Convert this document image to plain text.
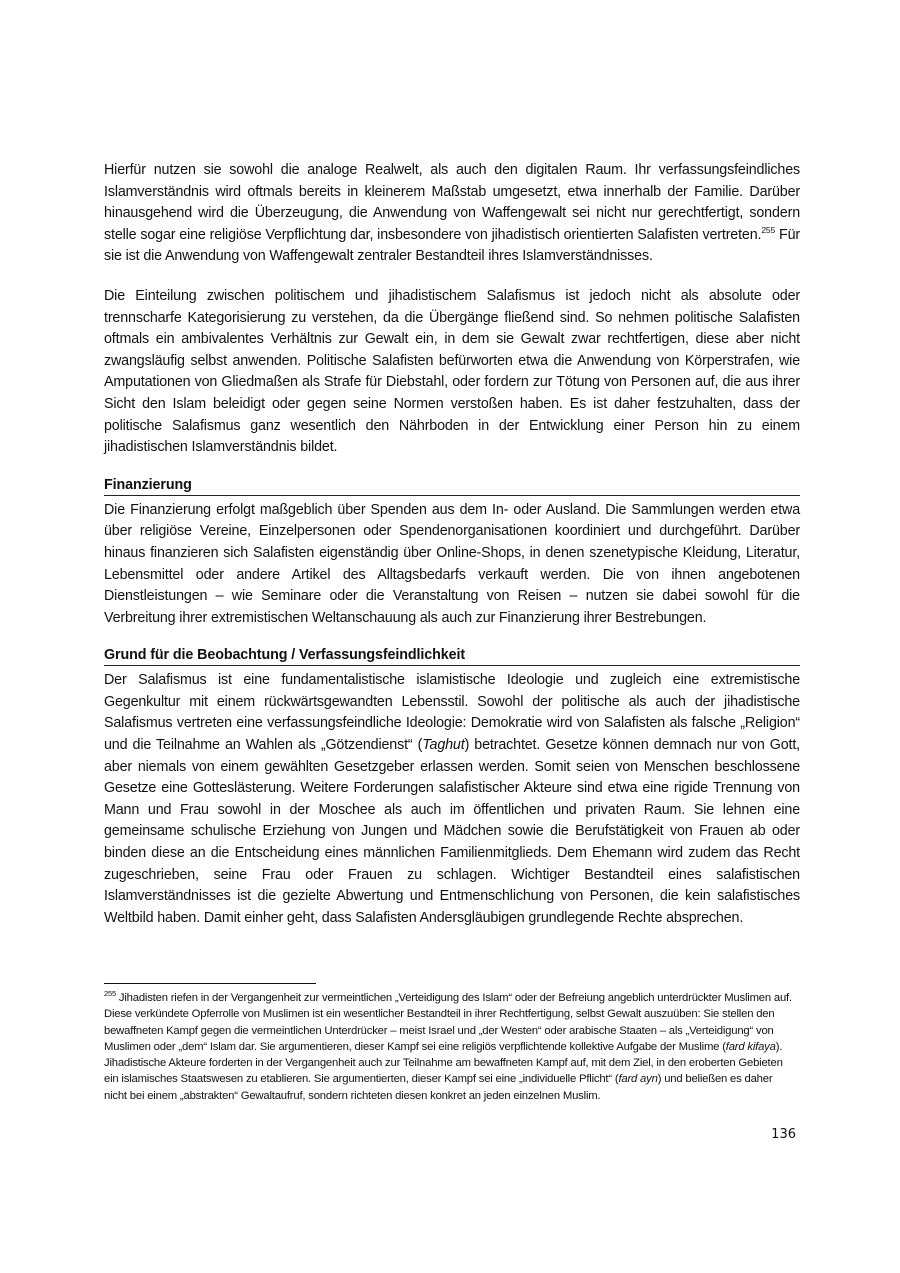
Hierfür nutzen sie sowohl die analoge Realwelt, als auch den digitalen Raum. Ihr verfassungsfeindliches Islamverständnis wird oftmals bereits in kleinerem Maßstab umgesetzt, etwa innerhalb der Familie. Darüber hinausgehend wird die Überzeugung, die Anwendung von Waffengewalt sei nicht nur gerechtfertigt, sondern stelle sogar eine religiöse Verpflichtung dar, insbesondere von jihadistisch orientierten Salafisten vertreten.$^{255}$ Für sie ist die Anwendung von Waffengewalt zentraler Bestandteil ihres Islamverständnisses.

Die Einteilung zwischen politischem und jihadistischem Salafismus ist jedoch nicht als absolute oder trennscharfe Kategorisierung zu verstehen, da die Übergänge fließend sind. So nehmen politische Salafisten oftmals ein ambivalentes Verhältnis zur Gewalt ein, in dem sie Gewalt zwar rechtfertigen, diese aber nicht zwangsläufig selbst anwenden. Politische Salafisten befürworten etwa die Anwendung von Körperstrafen, wie Amputationen von Gliedmaßen als Strafe für Diebstahl, oder fordern zur Tötung von Personen auf, die aus ihrer Sicht den Islam beleidigt oder gegen seine Normen verstoßen haben. Es ist daher festzuhalten, dass der politische Salafismus ganz wesentlich den Nährboden in der Entwicklung einer Person hin zu einem jihadistischen Islamverständnis bildet.

Finanzierung

Die Finanzierung erfolgt maßgeblich über Spenden aus dem In- oder Ausland. Die Sammlungen werden etwa über religiöse Vereine, Einzelpersonen oder Spendenorganisationen koordiniert und durchgeführt. Darüber hinaus finanzieren sich Salafisten eigenständig über Online-Shops, in denen szenetypische Kleidung, Literatur, Lebensmittel oder andere Artikel des Alltagsbedarfs verkauft werden. Die von ihnen angebotenen Dienstleistungen – wie Seminare oder die Veranstaltung von Reisen – nutzen sie dabei sowohl für die Verbreitung ihrer extremistischen Weltanschauung als auch zur Finanzierung ihrer Bestrebungen.

Grund für die Beobachtung / Verfassungsfeindlichkeit

Der Salafismus ist eine fundamentalistische islamistische Ideologie und zugleich eine extremistische Gegenkultur mit einem rückwärtsgewandten Lebensstil. Sowohl der politische als auch der jihadistische Salafismus vertreten eine verfassungsfeindliche Ideologie: Demokratie wird von Salafisten als falsche „Religion“ und die Teilnahme an Wahlen als „Götzendienst“ (Taghut) betrachtet. Gesetze können demnach nur von Gott, aber niemals von einem gewählten Gesetzgeber erlassen werden. Somit seien von Menschen beschlossene Gesetze eine Gotteslästerung. Weitere Forderungen salafistischer Akteure sind etwa eine rigide Trennung von Mann und Frau sowohl in der Moschee als auch im öffentlichen und privaten Raum. Sie lehnen eine gemeinsame schulische Erziehung von Jungen und Mädchen sowie die Berufstätigkeit von Frauen ab oder binden diese an die Entscheidung eines männlichen Familienmitglieds. Dem Ehemann wird zudem das Recht zugeschrieben, seine Frau oder Frauen zu schlagen. Wichtiger Bestandteil eines salafistischen Islamverständnisses ist die gezielte Abwertung und Entmenschlichung von Personen, die kein salafistisches Weltbild haben. Damit einher geht, dass Salafisten Andersgläubigen grundlegende Rechte absprechen.

$^{255}$ Jihadisten riefen in der Vergangenheit zur vermeintlichen „Verteidigung des Islam“ oder der Befreiung angeblich unterdrückter Muslimen auf. Diese verkündete Opferrolle von Muslimen ist ein wesentlicher Bestandteil in ihrer Rechtfertigung, selbst Gewalt auszuüben: Sie stellen den bewaffneten Kampf gegen die vermeintlichen Unterdrücker – meist Israel und „der Westen“ oder arabische Staaten – als „Verteidigung“ von Muslimen oder „dem“ Islam dar. Sie argumentieren, dieser Kampf sei eine religiös verpflichtende kollektive Aufgabe der Muslime (fard kifaya). Jihadistische Akteure forderten in der Vergangenheit auch zur Teilnahme am bewaffneten Kampf auf, mit dem Ziel, in den eroberten Gebieten ein islamisches Staatswesen zu etablieren. Sie argumentierten, dieser Kampf sei eine „individuelle Pflicht“ (fard ayn) und beließen es daher nicht bei einem „abstrakten“ Gewaltaufruf, sondern richteten diesen konkret an jeden einzelnen Muslim.
136
